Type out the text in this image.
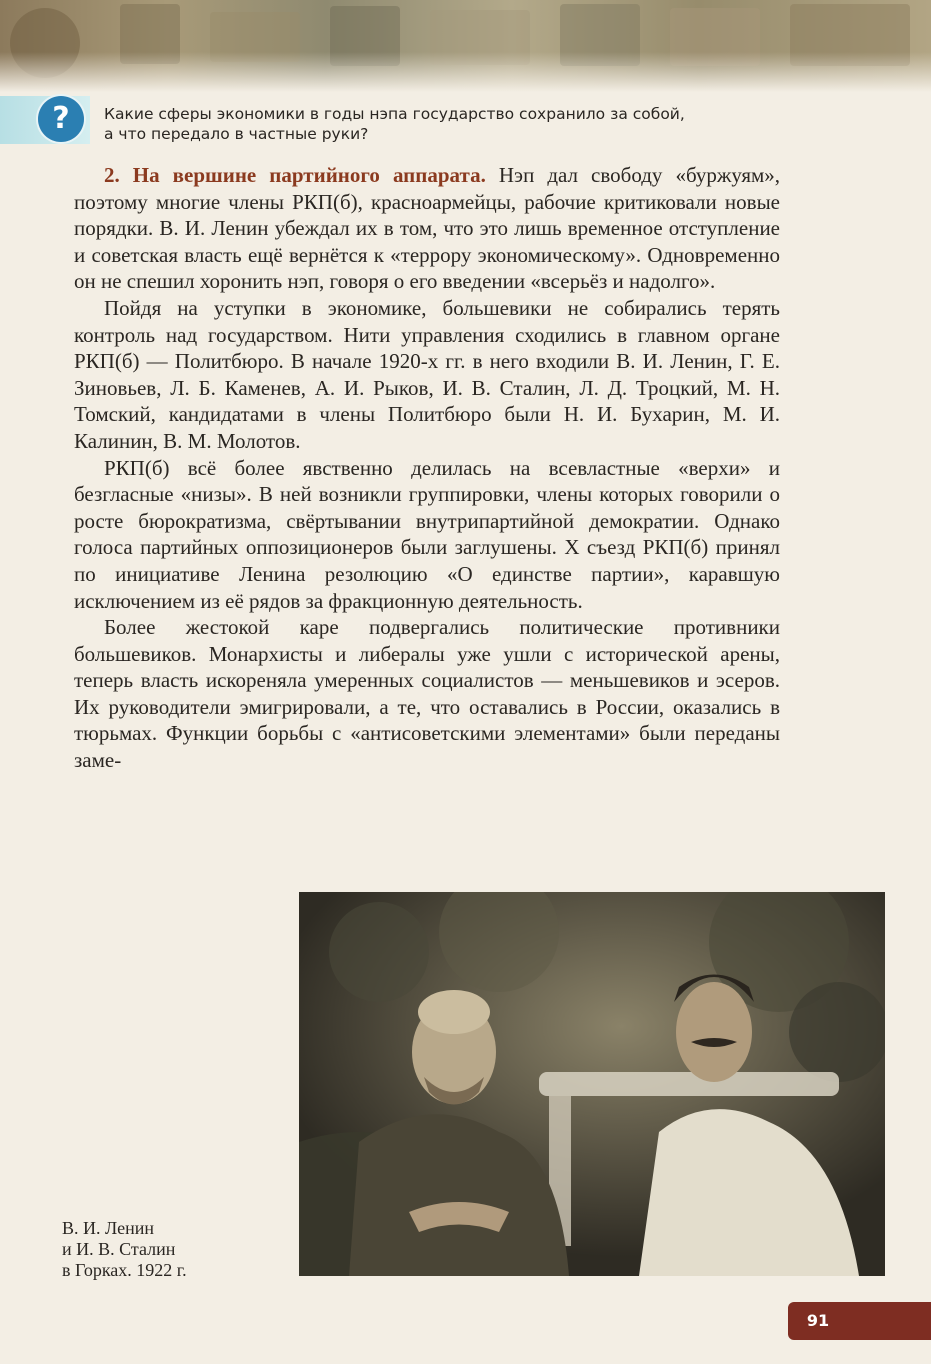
?	Какие сферы экономики в годы нэпа государство сохранило за собой,
а что передало в частные руки?

2. На вершине партийного аппарата. Нэп дал свободу «буржуям», поэтому многие члены РКП(б), красноармейцы, рабочие критиковали новые порядки. В. И. Ленин убеждал их в том, что это лишь временное отступление и советская власть ещё вернётся к «террору экономическому». Одновременно он не спешил хоронить нэп, говоря о его введении «всерьёз и надолго».

Пойдя на уступки в экономике, большевики не собирались терять контроль над государством. Нити управления сходились в главном органе РКП(б) — Политбюро. В начале 1920-х гг. в него входили В. И. Ленин, Г. Е. Зиновьев, Л. Б. Каменев, А. И. Рыков, И. В. Сталин, Л. Д. Троцкий, М. Н. Томский, кандидатами в члены Политбюро были Н. И. Бухарин, М. И. Калинин, В. М. Молотов.

РКП(б) всё более явственно делилась на всевластные «верхи» и безгласные «низы». В ней возникли группировки, члены которых говорили о росте бюрократизма, свёртывании внутрипартийной демократии. Однако голоса партийных оппозиционеров были заглушены. X съезд РКП(б) принял по инициативе Ленина резолюцию «О единстве партии», каравшую исключением из её рядов за фракционную деятельность.

Более жестокой каре подвергались политические противники большевиков. Монархисты и либералы уже ушли с исторической арены, теперь власть искореняла умеренных социалистов — меньшевиков и эсеров. Их руководители эмигрировали, а те, что оставались в России, оказались в тюрьмах. Функции борьбы с «антисоветскими элементами» были переданы заме-

В. И. Ленин
и И. В. Сталин
в Горках. 1922 г.

91
